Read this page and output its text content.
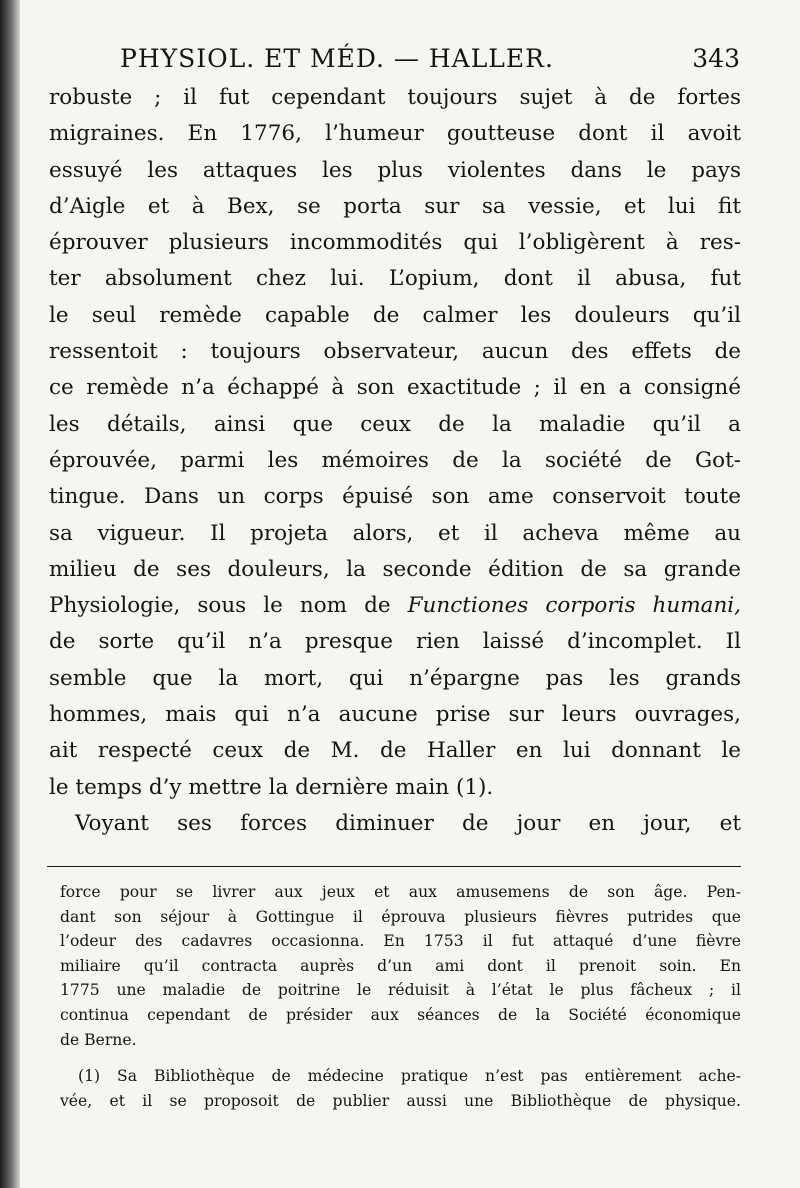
PHYSIOL. ET MÉD. — HALLER.	343
robuste ; il fut cependant toujours sujet à de fortes
migraines. En 1776, l’humeur goutteuse dont il avoit
essuyé les attaques les plus violentes dans le pays
d’Aigle et à Bex, se porta sur sa vessie, et lui fit
éprouver plusieurs incommodités qui l’obligèrent à res-
ter absolument chez lui. L’opium, dont il abusa, fut
le seul remède capable de calmer les douleurs qu’il
ressentoit : toujours observateur, aucun des effets de
ce remède n’a échappé à son exactitude ; il en a consigné
les détails, ainsi que ceux de la maladie qu’il a
éprouvée, parmi les mémoires de la société de Got-
tingue. Dans un corps épuisé son ame conservoit toute
sa vigueur. Il projeta alors, et il acheva même au
milieu de ses douleurs, la seconde édition de sa grande
Physiologie, sous le nom de Functiones corporis humani,
de sorte qu’il n’a presque rien laissé d’incomplet. Il
semble que la mort, qui n’épargne pas les grands
hommes, mais qui n’a aucune prise sur leurs ouvrages,
ait respecté ceux de M. de Haller en lui donnant le
le temps d’y mettre la dernière main (1).
Voyant ses forces diminuer de jour en jour, et
force pour se livrer aux jeux et aux amusemens de son âge. Pen-
dant son séjour à Gottingue il éprouva plusieurs fièvres putrides que
l’odeur des cadavres occasionna. En 1753 il fut attaqué d’une fièvre
miliaire qu’il contracta auprès d’un ami dont il prenoit soin. En
1775 une maladie de poitrine le réduisit à l’état le plus fâcheux ; il
continua cependant de présider aux séances de la Société économique
de Berne.
(1) Sa Bibliothèque de médecine pratique n’est pas entièrement ache-
vée, et il se proposoit de publier aussi une Bibliothèque de physique.
